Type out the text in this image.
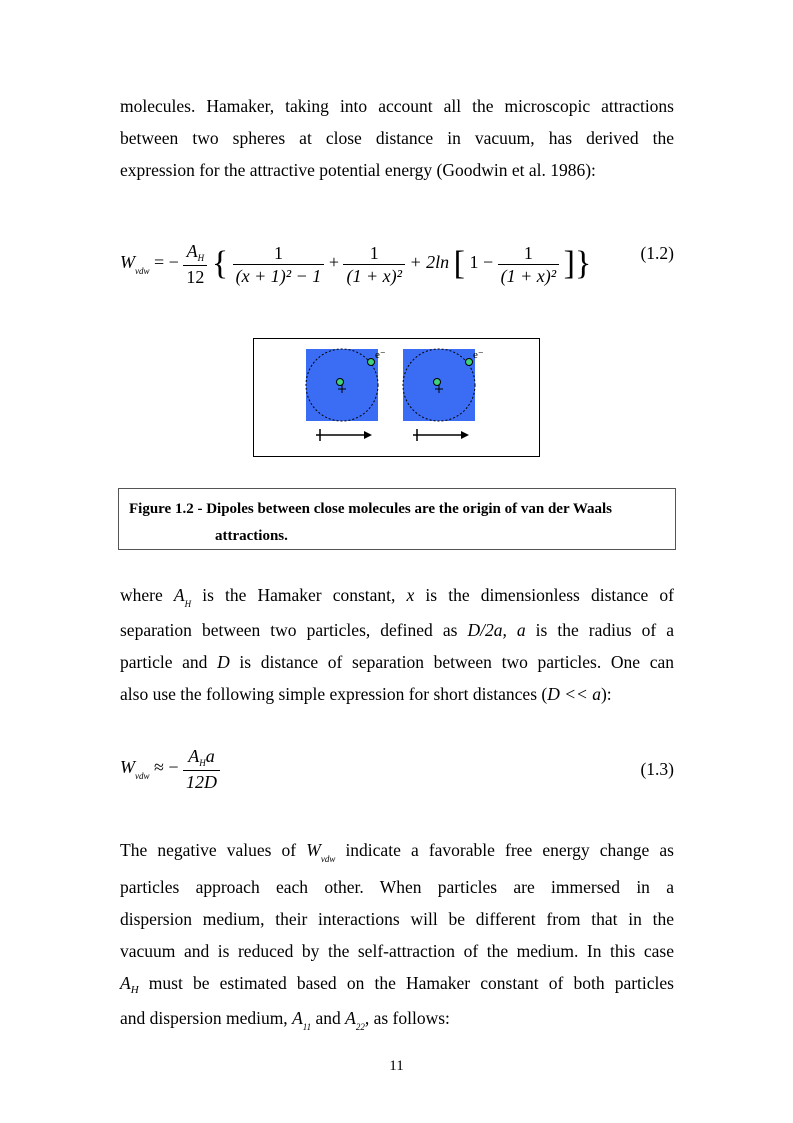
molecules. Hamaker, taking into account all the microscopic attractions
between two spheres at close distance in vacuum, has derived the
expression for the attractive potential energy (Goodwin et al. 1986):
$W_{vdw}$ = − $\frac{A_H}{12}$ { $\frac{1}{\text{(x + 1)² − 1}} + \frac{1}{\text{(1 + x)²}} + 2\ln$ [ $1 - \frac{1}{\text{(1 + x)²}}$ ]}	(1.2)
e⁻	e⁻
Figure 1.2 - Dipoles between close molecules are the origin of van der Waals
attractions.
where $A_H$ is the Hamaker constant, x is the dimensionless distance of
separation between two particles, defined as D/2a, a is the radius of a
particle and D is distance of separation between two particles. One can
also use the following simple expression for short distances (D << a):
$W_{vdw}$ ≈ − $\frac{A_Ha}{12D}$	(1.3)
The negative values of $W_{vdw}$ indicate a favorable free energy change as
particles approach each other. When particles are immersed in a
dispersion medium, their interactions will be different from that in the
vacuum and is reduced by the self-attraction of the medium. In this case
$A_H$ must be estimated based on the Hamaker constant of both particles
and dispersion medium, $A_{11}$ and $A_{22}$, as follows:
11
